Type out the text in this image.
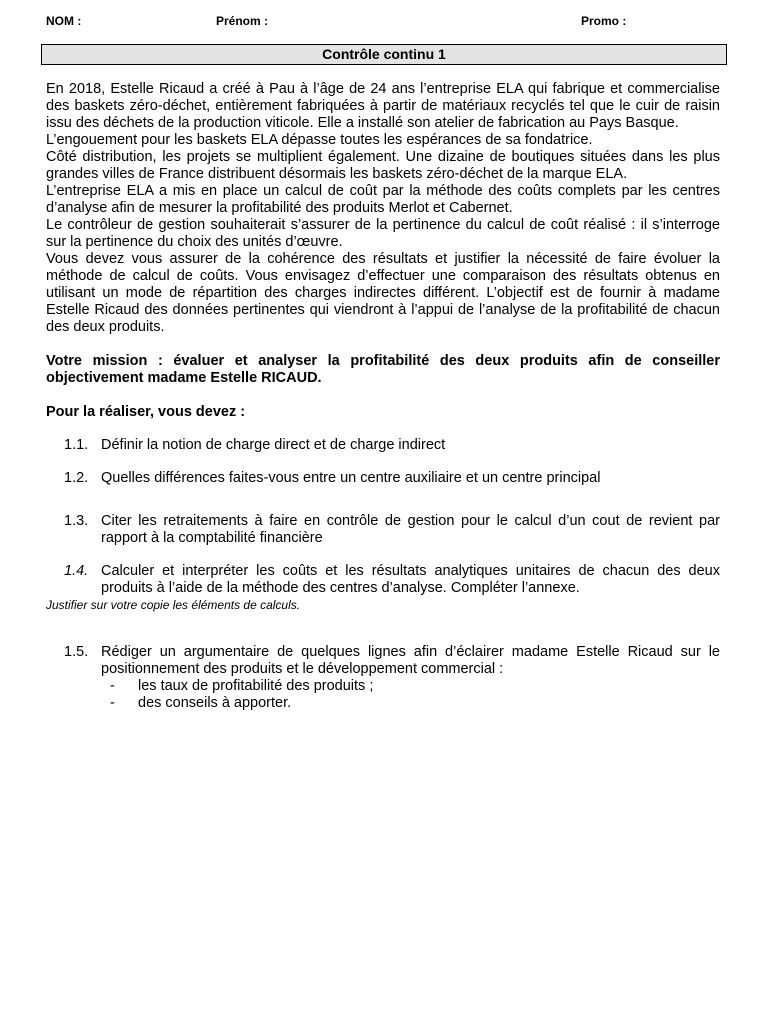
NOM :	Prénom :	Promo :
Contrôle continu 1

En 2018, Estelle Ricaud a créé à Pau à l’âge de 24 ans l’entreprise ELA qui fabrique et commercialise des baskets zéro-déchet, entièrement fabriquées à partir de matériaux recyclés tel que le cuir de raisin issu des déchets de la production viticole. Elle a installé son atelier de fabrication au Pays Basque.

L’engouement pour les baskets ELA dépasse toutes les espérances de sa fondatrice.

Côté distribution, les projets se multiplient également. Une dizaine de boutiques situées dans les plus grandes villes de France distribuent désormais les baskets zéro-déchet de la marque ELA.

L’entreprise ELA a mis en place un calcul de coût par la méthode des coûts complets par les centres d’analyse afin de mesurer la profitabilité des produits Merlot et Cabernet.

Le contrôleur de gestion souhaiterait s’assurer de la pertinence du calcul de coût réalisé : il s’interroge sur la pertinence du choix des unités d’œuvre.

Vous devez vous assurer de la cohérence des résultats et justifier la nécessité de faire évoluer la méthode de calcul de coûts. Vous envisagez d’effectuer une comparaison des résultats obtenus en utilisant un mode de répartition des charges indirectes différent. L’objectif est de fournir à madame Estelle Ricaud des données pertinentes qui viendront à l’appui de l’analyse de la profitabilité de chacun des deux produits.

Votre mission : évaluer et analyser la profitabilité des deux produits afin de conseiller objectivement madame Estelle RICAUD.

Pour la réaliser, vous devez :

1.1. Définir la notion de charge direct et de charge indirect
1.2. Quelles différences faites-vous entre un centre auxiliaire et un centre principal
1.3. Citer les retraitements à faire en contrôle de gestion pour le calcul d’un cout de revient par rapport à la comptabilité financière
1.4. Calculer et interpréter les coûts et les résultats analytiques unitaires de chacun des deux produits à l’aide de la méthode des centres d’analyse. Compléter l’annexe.

Justifier sur votre copie les éléments de calculs.

1.5. Rédiger un argumentaire de quelques lignes afin d’éclairer madame Estelle Ricaud sur le positionnement des produits et le développement commercial :
- les taux de profitabilité des produits ;
- des conseils à apporter.
